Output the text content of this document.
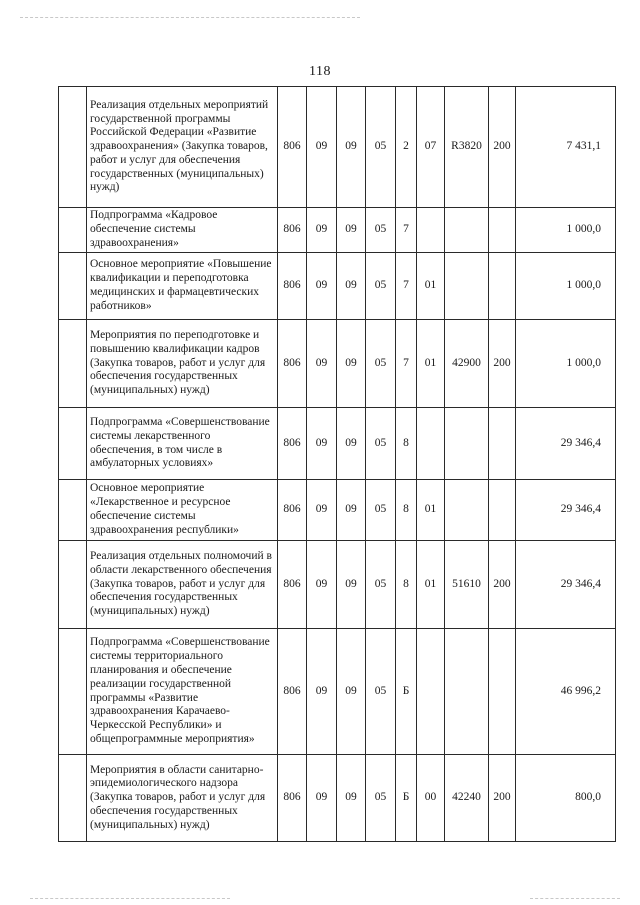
118
	Реализация отдельных мероприятий государственной программы Российской Федерации «Развитие здравоохранения» (Закупка товаров, работ и услуг для обеспечения государственных (муниципальных) нужд)	806	09	09	05	2	07	R3820	200	7 431,1
	Подпрограмма «Кадровое обеспечение системы здравоохранения»	806	09	09	05	7				1 000,0
	Основное мероприятие «Повышение квалификации и переподготовка медицинских и фармацевтических работников»	806	09	09	05	7	01			1 000,0
	Мероприятия по переподготовке и повышению квалификации кадров (Закупка товаров, работ и услуг для обеспечения государственных (муниципальных) нужд)	806	09	09	05	7	01	42900	200	1 000,0
	Подпрограмма «Совершенствование системы лекарственного обеспечения, в том числе в амбулаторных условиях»	806	09	09	05	8				29 346,4
	Основное мероприятие «Лекарственное и ресурсное обеспечение системы здравоохранения республики»	806	09	09	05	8	01			29 346,4
	Реализация отдельных полномочий в области лекарственного обеспечения (Закупка товаров, работ и услуг для обеспечения государственных (муниципальных) нужд)	806	09	09	05	8	01	51610	200	29 346,4
	Подпрограмма «Совершенствование системы территориального планирования и обеспечение реализации государственной программы «Развитие здравоохранения Карачаево-Черкесской Республики» и общепрограммные мероприятия»	806	09	09	05	Б				46 996,2
	Мероприятия в области санитарно-эпидемиологического надзора (Закупка товаров, работ и услуг для обеспечения государственных (муниципальных) нужд)	806	09	09	05	Б	00	42240	200	800,0
